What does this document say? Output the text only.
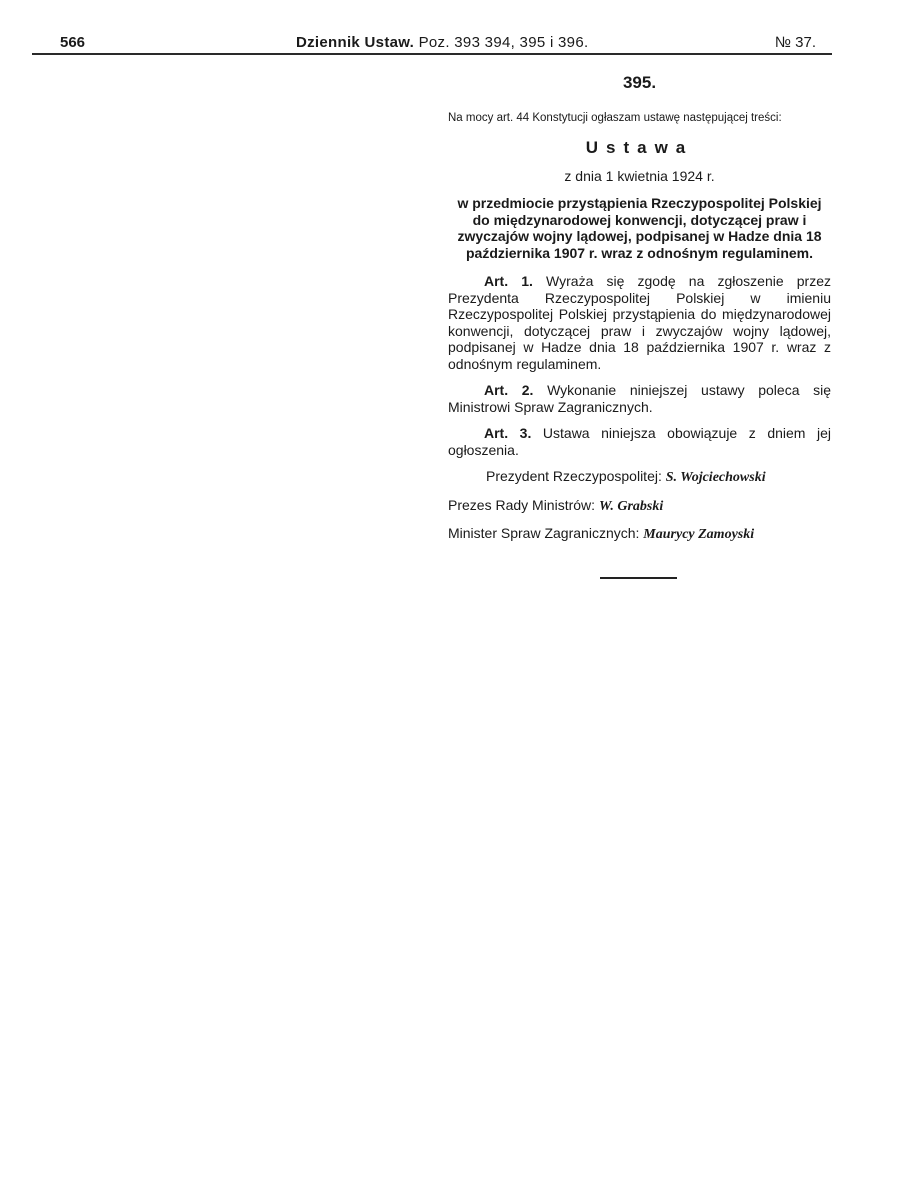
566	Dziennik Ustaw. Poz. 393 394, 395 i 396.	№ 37.
395.

Na mocy art. 44 Konstytucji ogłaszam ustawę następującej treści:

Ustawa
z dnia 1 kwietnia 1924 r.
w przedmiocie przystąpienia Rzeczypospolitej Polskiej do międzynarodowej konwencji, dotyczącej praw i zwyczajów wojny lądowej, podpisanej w Hadze dnia 18 października 1907 r. wraz z odnośnym regulaminem.

Art. 1. Wyraża się zgodę na zgłoszenie przez Prezydenta Rzeczypospolitej Polskiej w imieniu Rzeczypospolitej Polskiej przystąpienia do międzynarodowej konwencji, dotyczącej praw i zwyczajów wojny lądowej, podpisanej w Hadze dnia 18 października 1907 r. wraz z odnośnym regulaminem.

Art. 2. Wykonanie niniejszej ustawy poleca się Ministrowi Spraw Zagranicznych.

Art. 3. Ustawa niniejsza obowiązuje z dniem jej ogłoszenia.

Prezydent Rzeczypospolitej: S. Wojciechowski
Prezes Rady Ministrów: W. Grabski
Minister Spraw Zagranicznych: Maurycy Zamoyski
